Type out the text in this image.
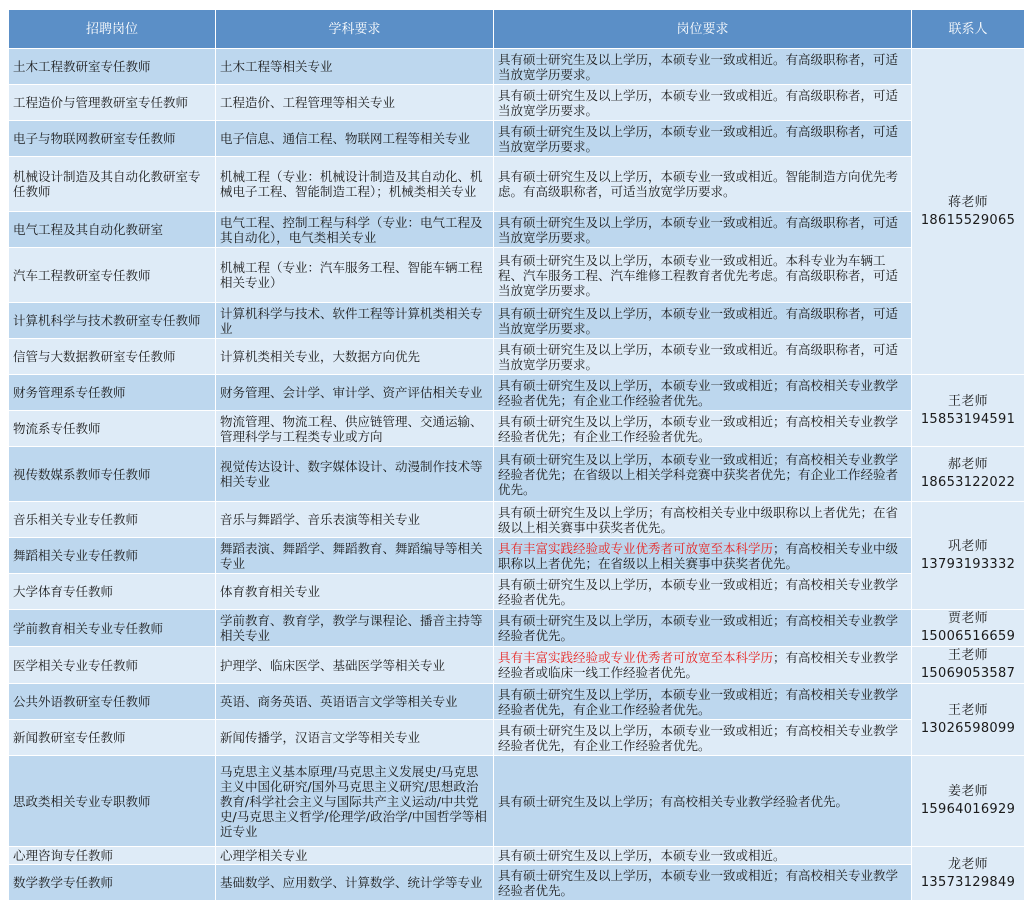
招聘岗位	学科要求	岗位要求	联系人
土木工程教研室专任教师	土木工程等相关专业	具有硕士研究生及以上学历，本硕专业一致或相近。有高级职称者，可适当放宽学历要求。	蒋老师
18615529065

工程造价与管理教研室专任教师	工程造价、工程管理等相关专业	具有硕士研究生及以上学历，本硕专业一致或相近。有高级职称者，可适当放宽学历要求。	
电子与物联网教研室专任教师	电子信息、通信工程、物联网工程等相关专业	具有硕士研究生及以上学历，本硕专业一致或相近。有高级职称者，可适当放宽学历要求。	
机械设计制造及其自动化教研室专任教师	机械工程（专业：机械设计制造及其自动化、机械电子工程、智能制造工程）；机械类相关专业	具有硕士研究生及以上学历，本硕专业一致或相近。智能制造方向优先考虑。有高级职称者，可适当放宽学历要求。	
电气工程及其自动化教研室	电气工程、控制工程与科学（专业：电气工程及其自动化），电气类相关专业	具有硕士研究生及以上学历，本硕专业一致或相近。有高级职称者，可适当放宽学历要求。	
汽车工程教研室专任教师	机械工程（专业：汽车服务工程、智能车辆工程相关专业）	具有硕士研究生及以上学历，本硕专业一致或相近。本科专业为车辆工程、汽车服务工程、汽车维修工程教育者优先考虑。有高级职称者，可适当放宽学历要求。	
计算机科学与技术教研室专任教师	计算机科学与技术、软件工程等计算机类相关专业	具有硕士研究生及以上学历，本硕专业一致或相近。有高级职称者，可适当放宽学历要求。	
信管与大数据教研室专任教师	计算机类相关专业，大数据方向优先	具有硕士研究生及以上学历，本硕专业一致或相近。有高级职称者，可适当放宽学历要求。	
财务管理系专任教师	财务管理、会计学、审计学、资产评估相关专业	具有硕士研究生及以上学历，本硕专业一致或相近；有高校相关专业教学经验者优先；有企业工作经验者优先。	王老师
15853194591

物流系专任教师	物流管理、物流工程、供应链管理、交通运输、管理科学与工程类专业或方向	具有硕士研究生及以上学历，本硕专业一致或相近；有高校相关专业教学经验者优先；有企业工作经验者优先。	
视传数媒系教师专任教师	视觉传达设计、数字媒体设计、动漫制作技术等相关专业	具有硕士研究生及以上学历，本硕专业一致或相近；有高校相关专业教学经验者优先；在省级以上相关学科竞赛中获奖者优先；有企业工作经验者优先。	郝老师
18653122022

音乐相关专业专任教师	音乐与舞蹈学、音乐表演等相关专业	具有硕士研究生及以上学历；有高校相关专业中级职称以上者优先；在省级以上相关赛事中获奖者优先。	巩老师
13793193332

舞蹈相关专业专任教师	舞蹈表演、舞蹈学、舞蹈教育、舞蹈编导等相关专业	具有丰富实践经验或专业优秀者可放宽至本科学历；有高校相关专业中级职称以上者优先；在省级以上相关赛事中获奖者优先。	
大学体育专任教师	体育教育相关专业	具有硕士研究生及以上学历，本硕专业一致或相近；有高校相关专业教学经验者优先。	
学前教育相关专业专任教师	学前教育、教育学，教学与课程论、播音主持等相关专业	具有硕士研究生及以上学历，本硕专业一致或相近；有高校相关专业教学经验者优先。	贾老师
15006516659

医学相关专业专任教师	护理学、临床医学、基础医学等相关专业	具有丰富实践经验或专业优秀者可放宽至本科学历；有高校相关专业教学经验者或临床一线工作经验者优先。	王老师
15069053587

公共外语教研室专任教师	英语、商务英语、英语语言文学等相关专业	具有硕士研究生及以上学历，本硕专业一致或相近；有高校相关专业教学经验者优先，有企业工作经验者优先。	王老师
13026598099

新闻教研室专任教师	新闻传播学，汉语言文学等相关专业	具有硕士研究生及以上学历，本硕专业一致或相近；有高校相关专业教学经验者优先，有企业工作经验者优先。	
思政类相关专业专职教师	马克思主义基本原理/马克思主义发展史/马克思主义中国化研究/国外马克思主义研究/思想政治教育/科学社会主义与国际共产主义运动/中共党史/马克思主义哲学/伦理学/政治学/中国哲学等相近专业	具有硕士研究生及以上学历；有高校相关专业教学经验者优先。	姜老师
15964016929

心理咨询专任教师	心理学相关专业	具有硕士研究生及以上学历，本硕专业一致或相近。	龙老师
13573129849

数学教学专任教师	基础数学、应用数学、计算数学、统计学等专业	具有硕士研究生及以上学历，本硕专业一致或相近；有高校相关专业教学经验者优先。	
